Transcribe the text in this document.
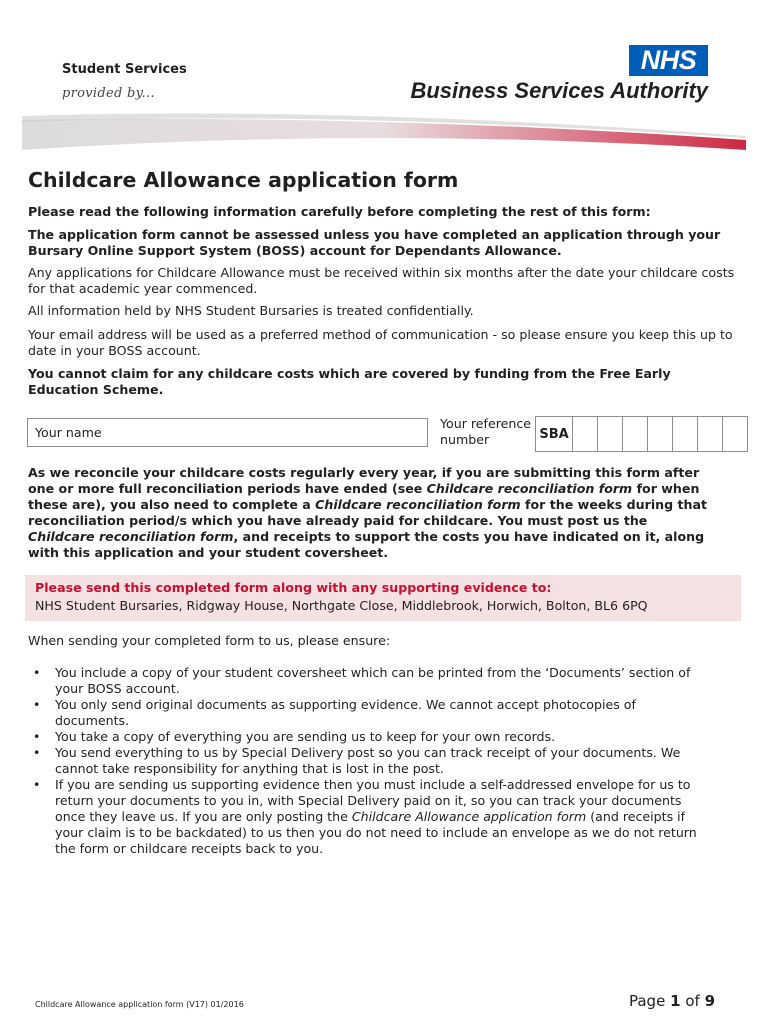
Student Services
provided by...
NHS
Business Services Authority
Childcare Allowance application form
Please read the following information carefully before completing the rest of this form:
The application form cannot be assessed unless you have completed an application through your Bursary Online Support System (BOSS) account for Dependants Allowance.
Any applications for Childcare Allowance must be received within six months after the date your childcare costs for that academic year commenced.
All information held by NHS Student Bursaries is treated confidentially.
Your email address will be used as a preferred method of communication - so please ensure you keep this up to date in your BOSS account.
You cannot claim for any childcare costs which are covered by funding from the Free Early Education Scheme.
Your name
Your reference number	SBA
As we reconcile your childcare costs regularly every year, if you are submitting this form after one or more full reconciliation periods have ended (see Childcare reconciliation form for when these are), you also need to complete a Childcare reconciliation form for the weeks during that reconciliation period/s which you have already paid for childcare. You must post us the Childcare reconciliation form, and receipts to support the costs you have indicated on it, along with this application and your student coversheet.
Please send this completed form along with any supporting evidence to:
NHS Student Bursaries, Ridgway House, Northgate Close, Middlebrook, Horwich, Bolton, BL6 6PQ
When sending your completed form to us, please ensure:
• You include a copy of your student coversheet which can be printed from the ‘Documents’ section of your BOSS account.
• You only send original documents as supporting evidence. We cannot accept photocopies of documents.
• You take a copy of everything you are sending us to keep for your own records.
• You send everything to us by Special Delivery post so you can track receipt of your documents. We cannot take responsibility for anything that is lost in the post.
• If you are sending us supporting evidence then you must include a self-addressed envelope for us to return your documents to you in, with Special Delivery paid on it, so you can track your documents once they leave us. If you are only posting the Childcare Allowance application form (and receipts if your claim is to be backdated) to us then you do not need to include an envelope as we do not return the form or childcare receipts back to you.
Childcare Allowance application form (V17) 01/2016	Page 1 of 9
